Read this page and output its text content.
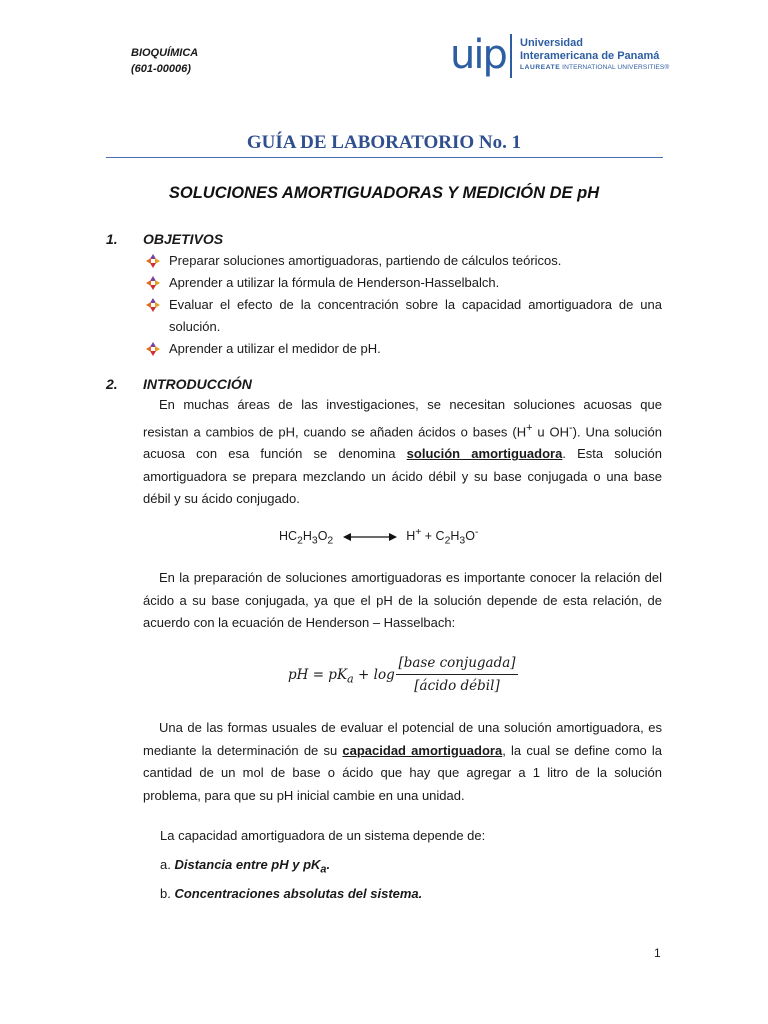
BIOQUÍMICA
(601-00006)	uip Universidad
Interamericana de Panamá
LAUREATE INTERNATIONAL UNIVERSITIES®
GUÍA DE LABORATORIO No. 1
SOLUCIONES AMORTIGUADORAS Y MEDICIÓN DE pH
1. OBJETIVOS
Preparar soluciones amortiguadoras, partiendo de cálculos teóricos.
Aprender a utilizar la fórmula de Henderson-Hasselbalch.
Evaluar el efecto de la concentración sobre la capacidad amortiguadora de una solución.
Aprender a utilizar el medidor de pH.
2. INTRODUCCIÓN
En muchas áreas de las investigaciones, se necesitan soluciones acuosas que resistan a cambios de pH, cuando se añaden ácidos o bases (H+ u OH-). Una solución acuosa con esa función se denomina solución amortiguadora. Esta solución amortiguadora se prepara mezclando un ácido débil y su base conjugada o una base débil y su ácido conjugado.
$HC_2H_3O_2$	$H^+ + C_2H_3O^-$
En la preparación de soluciones amortiguadoras es importante conocer la relación del ácido a su base conjugada, ya que el pH de la solución depende de esta relación, de acuerdo con la ecuación de Henderson – Hasselbach:
pH = $pK_a + \log$
[base conjugada]
[ácido débil]
Una de las formas usuales de evaluar el potencial de una solución amortiguadora, es mediante la determinación de su capacidad amortiguadora, la cual se define como la cantidad de un mol de base o ácido que hay que agregar a 1 litro de la solución problema, para que su pH inicial cambie en una unidad.
La capacidad amortiguadora de un sistema depende de:
a. Distancia entre pH y $pK_a$.
b. Concentraciones absolutas del sistema.
1
